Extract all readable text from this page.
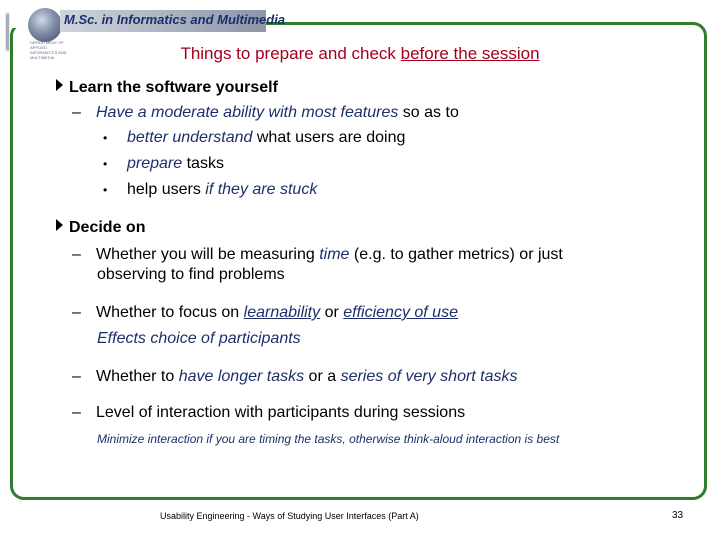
DEPARTMENT OF APPLIED INFORMATICS AND MULTIMEDIA
M.Sc. in Informatics and Multimedia
Things to prepare and check before the session
Learn the software yourself
– Have a moderate ability with most features so as to
• better understand what users are doing
• prepare tasks
• help users if they are stuck
Decide on
– Whether you will be measuring time (e.g. to gather metrics) or just
observing to find problems
– Whether to focus on learnability or efficiency of use
Effects choice of participants
– Whether to have longer tasks or a series of very short tasks
– Level of interaction with participants during sessions
Minimize interaction if you are timing the tasks, otherwise think-aloud interaction is best
Usability Engineering - Ways of Studying User Interfaces (Part A)	33
